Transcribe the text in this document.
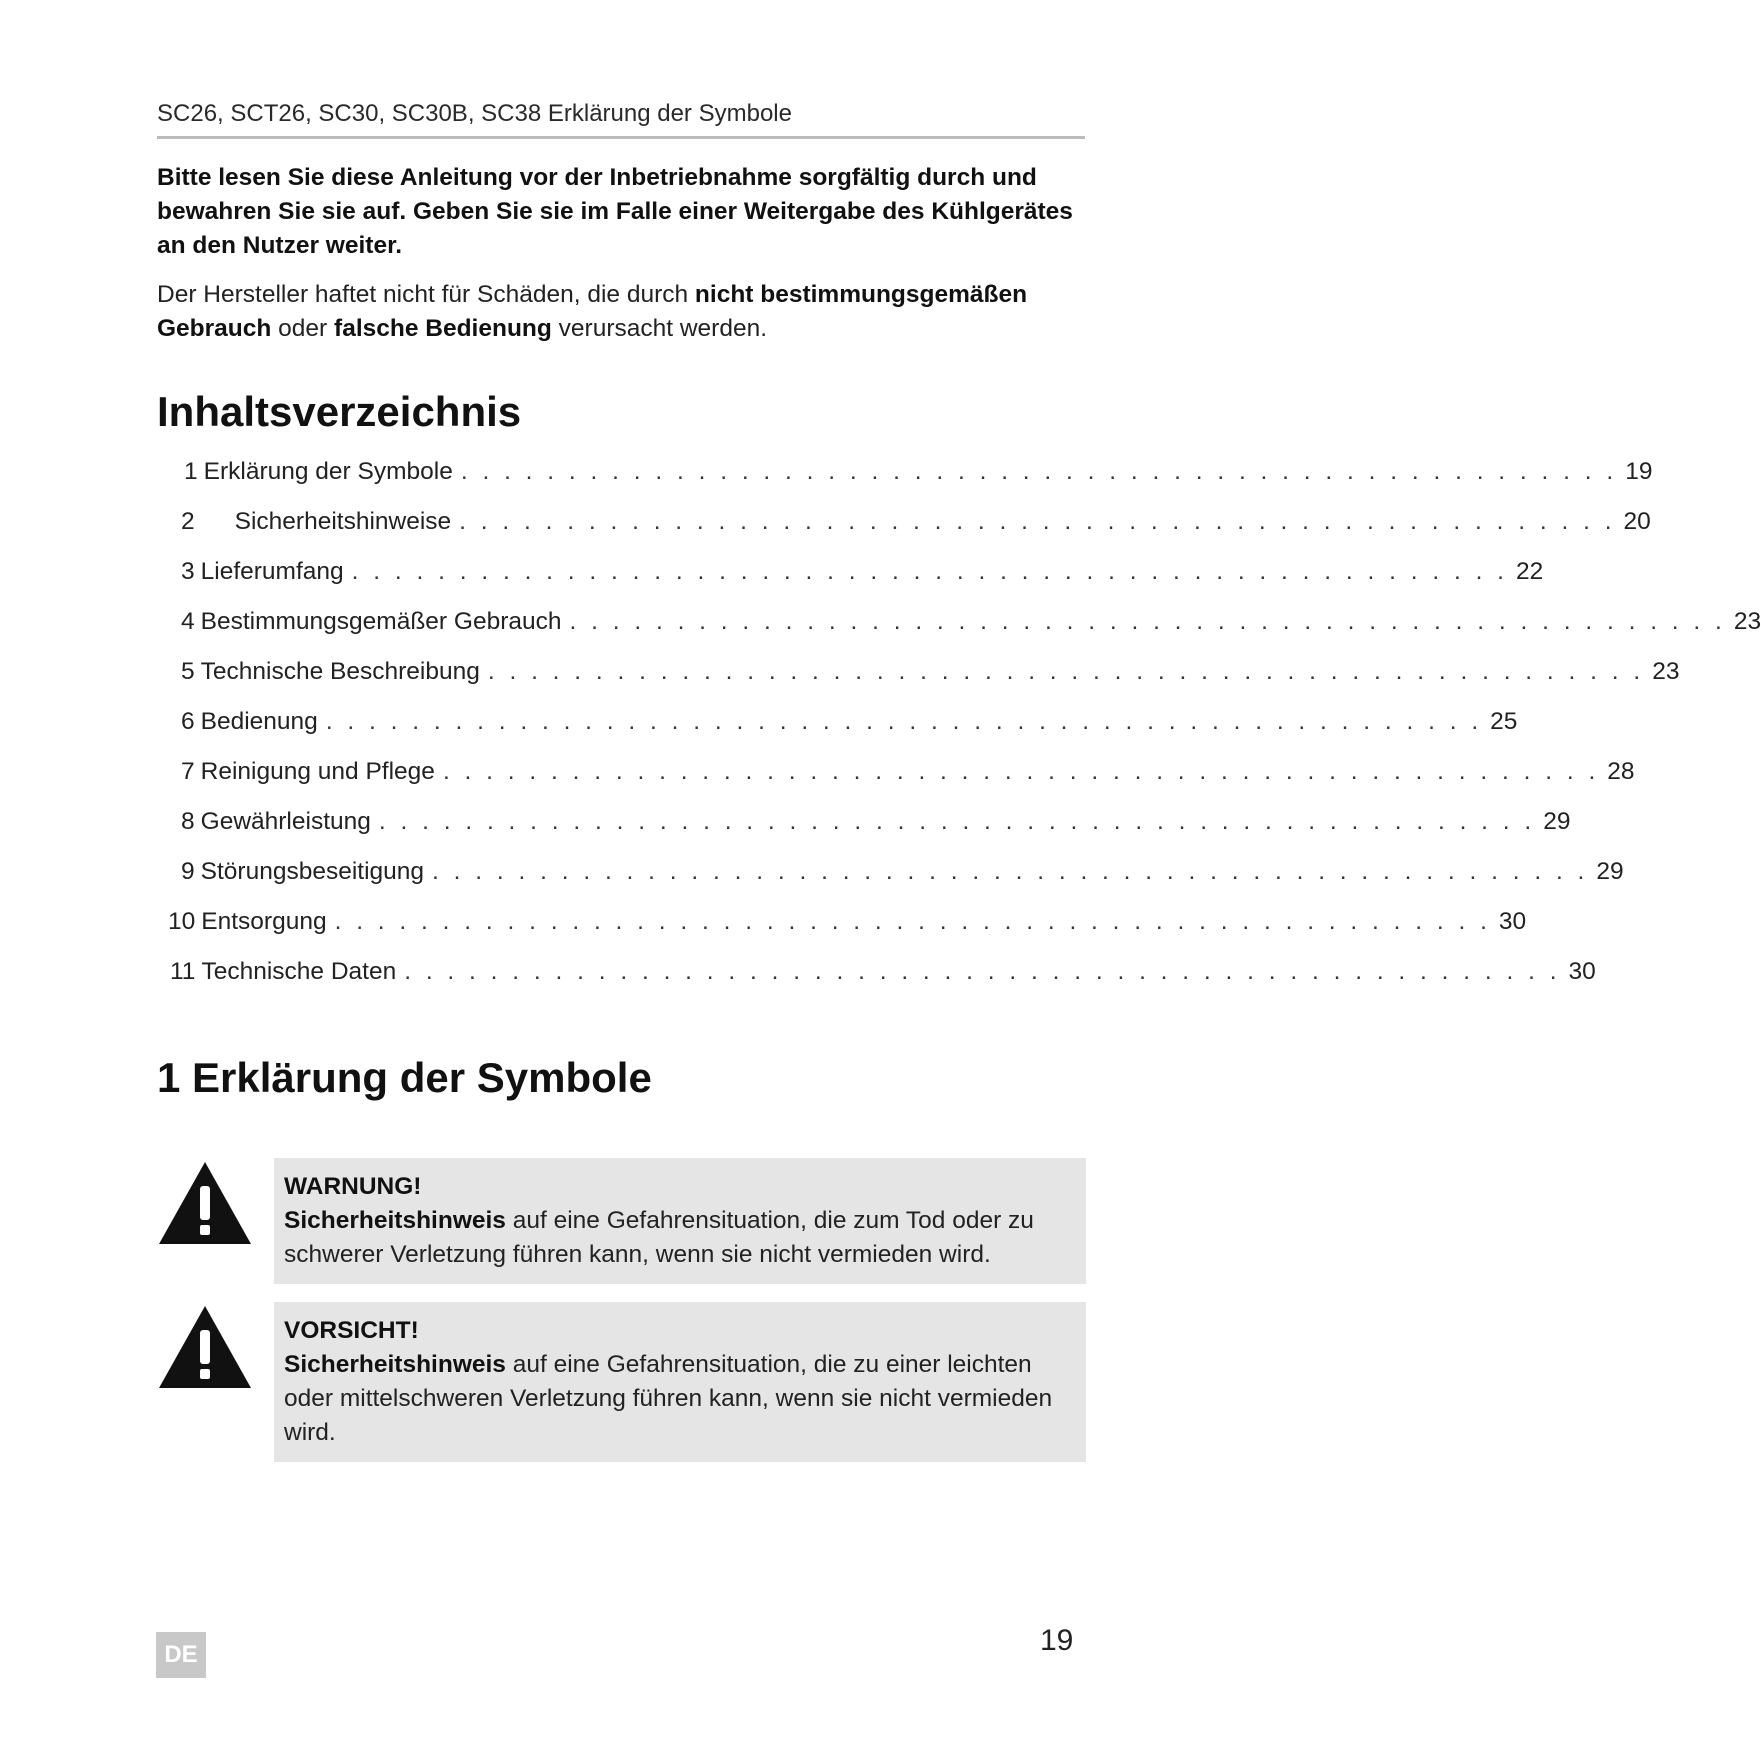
SC26, SCT26, SC30, SC30B, SC38 Erklärung der Symbole
Bitte lesen Sie diese Anleitung vor der Inbetriebnahme sorgfältig durch und bewahren Sie sie auf. Geben Sie sie im Falle einer Weitergabe des Kühlgerätes an den Nutzer weiter.
Der Hersteller haftet nicht für Schäden, die durch nicht bestimmungsgemäßen Gebrauch oder falsche Bedienung verursacht werden.
Inhaltsverzeichnis
1 Erklärung der Symbole . . . . . . . . . . . . . . . . . . . . . . . . . . . . . . . . . . . . . . . . . . . . . . . . . . . . . . 19
2 Sicherheitshinweise . . . . . . . . . . . . . . . . . . . . . . . . . . . . . . . . . . . . . . . . . . . . . . . . . . . . . . 20
3 Lieferumfang . . . . . . . . . . . . . . . . . . . . . . . . . . . . . . . . . . . . . . . . . . . . . . . . . . . . . . 22
4 Bestimmungsgemäßer Gebrauch . . . . . . . . . . . . . . . . . . . . . . . . . . . . . . . . . . . . . . . . . . . . . . . . . . . . . . 23
5 Technische Beschreibung . . . . . . . . . . . . . . . . . . . . . . . . . . . . . . . . . . . . . . . . . . . . . . . . . . . . . . 23
6 Bedienung . . . . . . . . . . . . . . . . . . . . . . . . . . . . . . . . . . . . . . . . . . . . . . . . . . . . . . 25
7 Reinigung und Pflege . . . . . . . . . . . . . . . . . . . . . . . . . . . . . . . . . . . . . . . . . . . . . . . . . . . . . . 28
8 Gewährleistung . . . . . . . . . . . . . . . . . . . . . . . . . . . . . . . . . . . . . . . . . . . . . . . . . . . . . . 29
9 Störungsbeseitigung . . . . . . . . . . . . . . . . . . . . . . . . . . . . . . . . . . . . . . . . . . . . . . . . . . . . . . 29
10 Entsorgung . . . . . . . . . . . . . . . . . . . . . . . . . . . . . . . . . . . . . . . . . . . . . . . . . . . . . . 30
11 Technische Daten . . . . . . . . . . . . . . . . . . . . . . . . . . . . . . . . . . . . . . . . . . . . . . . . . . . . . . 30
1 Erklärung der Symbole
WARNUNG!
Sicherheitshinweis auf eine Gefahrensituation, die zum Tod oder zu schwerer Verletzung führen kann, wenn sie nicht vermieden wird.
VORSICHT!
Sicherheitshinweis auf eine Gefahrensituation, die zu einer leichten oder mittelschweren Verletzung führen kann, wenn sie nicht vermieden wird.
DE	19
